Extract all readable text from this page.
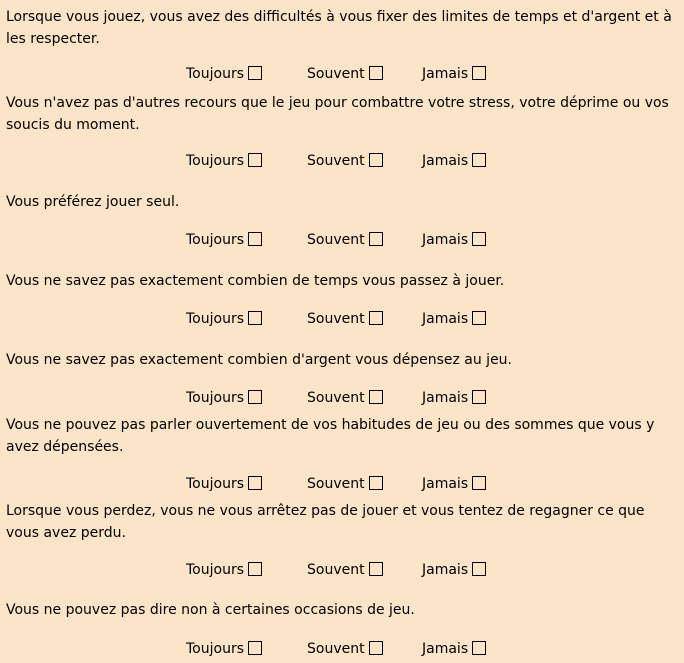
Lorsque vous jouez, vous avez des difficultés à vous fixer des limites de temps et d'argent et à les respecter.
Toujours	Souvent	Jamais
Vous n'avez pas d'autres recours que le jeu pour combattre votre stress, votre déprime ou vos soucis du moment.
Toujours	Souvent	Jamais
Vous préférez jouer seul.
Toujours	Souvent	Jamais
Vous ne savez pas exactement combien de temps vous passez à jouer.
Toujours	Souvent	Jamais
Vous ne savez pas exactement combien d'argent vous dépensez au jeu.
Toujours	Souvent	Jamais
Vous ne pouvez pas parler ouvertement de vos habitudes de jeu ou des sommes que vous y avez dépensées.
Toujours	Souvent	Jamais
Lorsque vous perdez, vous ne vous arrêtez pas de jouer et vous tentez de regagner ce que vous avez perdu.
Toujours	Souvent	Jamais
Vous ne pouvez pas dire non à certaines occasions de jeu.
Toujours	Souvent	Jamais
